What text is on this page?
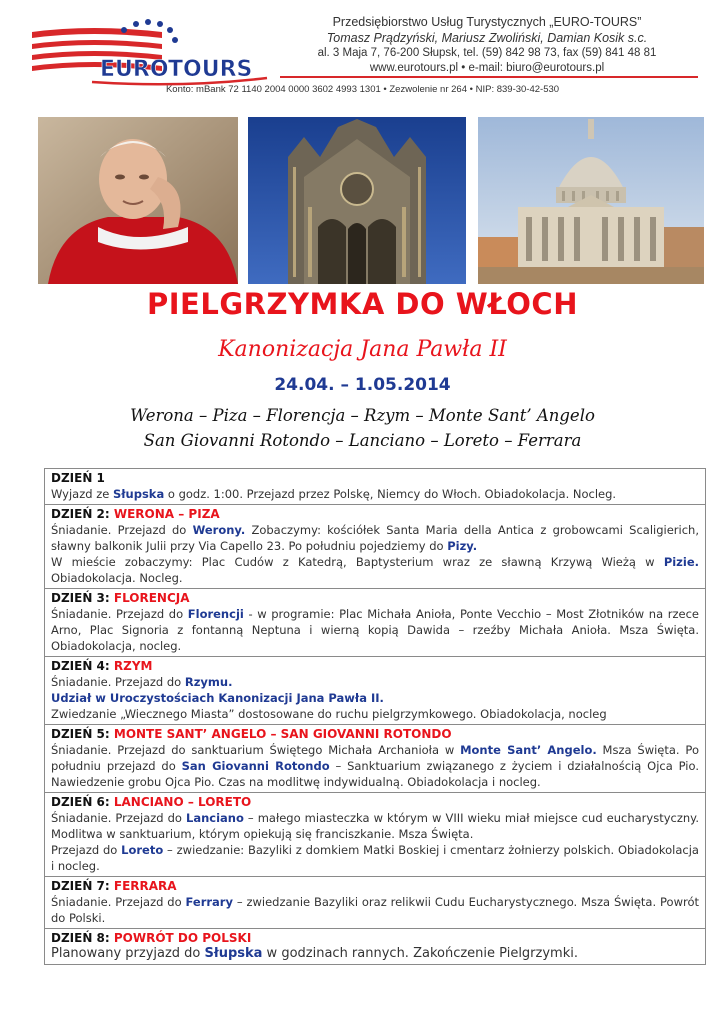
EURO TOURS
Przedsiębiorstwo Usług Turystycznych „EURO-TOURS”
Tomasz Prądzyński, Mariusz Zwoliński, Damian Kosik s.c.
al. 3 Maja 7, 76-200 Słupsk, tel. (59) 842 98 73, fax (59) 841 48 81
www.eurotours.pl • e-mail: biuro@eurotours.pl
Konto: mBank 72 1140 2004 0000 3602 4993 1301 • Zezwolenie nr 264 • NIP: 839-30-42-530
PIELGRZYMKA DO WŁOCH
Kanonizacja Jana Pawła II
24.04. – 1.05.2014
Werona – Piza – Florencja – Rzym – Monte Sant’ Angelo
San Giovanni Rotondo – Lanciano – Loreto – Ferrara
DZIEŃ 1

Wyjazd ze Słupska o godz. 1:00. Przejazd przez Polskę, Niemcy do Włoch. Obiadokolacja. Nocleg.

DZIEŃ 2: WERONA – PIZA

Śniadanie. Przejazd do Werony. Zobaczymy: kościółek Santa Maria della Antica z grobowcami Scaligierich, sławny balkonik Julii przy Via Capello 23. Po południu pojedziemy do Pizy.

W mieście zobaczymy: Plac Cudów z Katedrą, Baptysterium wraz ze sławną Krzywą Wieżą w Pizie. Obiadokolacja. Nocleg.

DZIEŃ 3: FLORENCJA

Śniadanie. Przejazd do Florencji - w programie: Plac Michała Anioła, Ponte Vecchio – Most Złotników na rzece Arno, Plac Signoria z fontanną Neptuna i wierną kopią Dawida – rzeźby Michała Anioła. Msza Święta. Obiadokolacja, nocleg.

DZIEŃ 4: RZYM

Śniadanie. Przejazd do Rzymu.

Udział w Uroczystościach Kanonizacji Jana Pawła II.

Zwiedzanie „Wiecznego Miasta” dostosowane do ruchu pielgrzymkowego. Obiadokolacja, nocleg

DZIEŃ 5: MONTE SANT’ ANGELO – SAN GIOVANNI ROTONDO

Śniadanie. Przejazd do sanktuarium Świętego Michała Archanioła w Monte Sant’ Angelo. Msza Święta. Po południu przejazd do San Giovanni Rotondo – Sanktuarium związanego z życiem i działalnością Ojca Pio. Nawiedzenie grobu Ojca Pio. Czas na modlitwę indywidualną. Obiadokolacja i nocleg.

DZIEŃ 6: LANCIANO – LORETO

Śniadanie. Przejazd do Lanciano – małego miasteczka w którym w VIII wieku miał miejsce cud eucharystyczny. Modlitwa w sanktuarium, którym opiekują się franciszkanie. Msza Święta.

Przejazd do Loreto – zwiedzanie: Bazyliki z domkiem Matki Boskiej i cmentarz żołnierzy polskich. Obiadokolacja i nocleg.

DZIEŃ 7: FERRARA

Śniadanie. Przejazd do Ferrary – zwiedzanie Bazyliki oraz relikwii Cudu Eucharystycznego. Msza Święta. Powrót do Polski.

DZIEŃ 8: POWRÓT DO POLSKI

Planowany przyjazd do Słupska w godzinach rannych. Zakończenie Pielgrzymki.
